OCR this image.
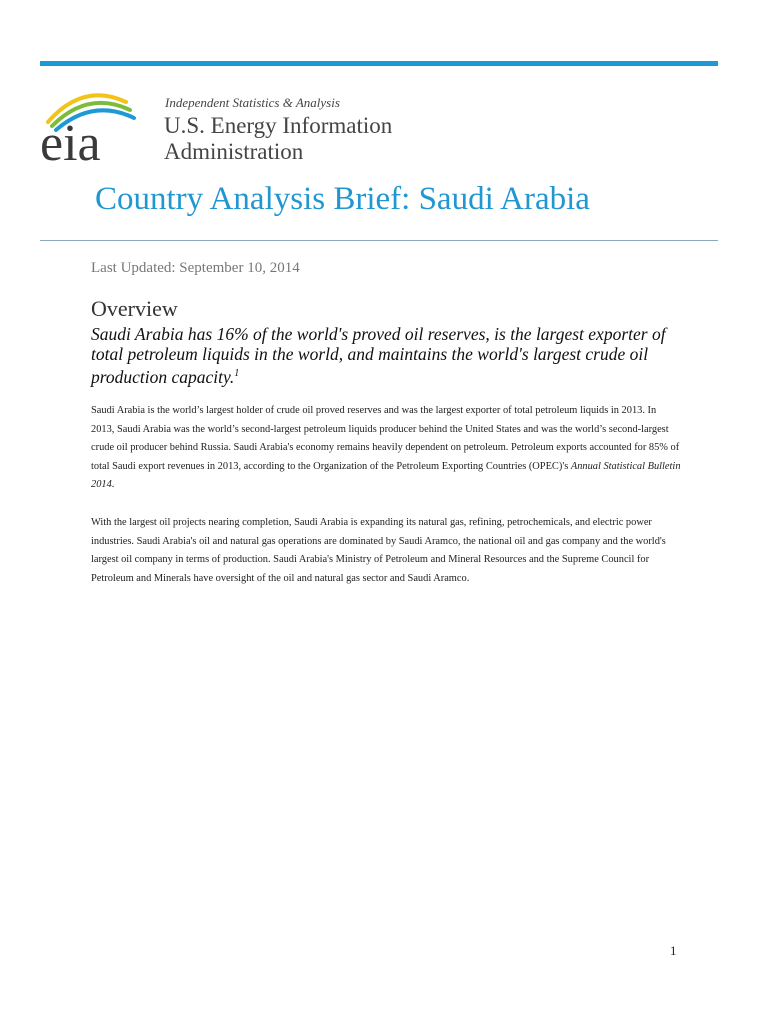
eia
Independent Statistics & Analysis
U.S. Energy Information
Administration
Country Analysis Brief: Saudi Arabia
Last Updated: September 10, 2014
Overview
Saudi Arabia has 16% of the world's proved oil reserves, is the largest exporter of total petroleum liquids in the world, and maintains the world's largest crude oil production capacity.$^1$
Saudi Arabia is the world’s largest holder of crude oil proved reserves and was the largest exporter of total petroleum liquids in 2013. In 2013, Saudi Arabia was the world’s second-largest petroleum liquids producer behind the United States and was the world’s second-largest crude oil producer behind Russia. Saudi Arabia's economy remains heavily dependent on petroleum. Petroleum exports accounted for 85% of total Saudi export revenues in 2013, according to the Organization of the Petroleum Exporting Countries (OPEC)'s Annual Statistical Bulletin 2014.
With the largest oil projects nearing completion, Saudi Arabia is expanding its natural gas, refining, petrochemicals, and electric power industries. Saudi Arabia's oil and natural gas operations are dominated by Saudi Aramco, the national oil and gas company and the world's largest oil company in terms of production. Saudi Arabia's Ministry of Petroleum and Mineral Resources and the Supreme Council for Petroleum and Minerals have oversight of the oil and natural gas sector and Saudi Aramco.
1
